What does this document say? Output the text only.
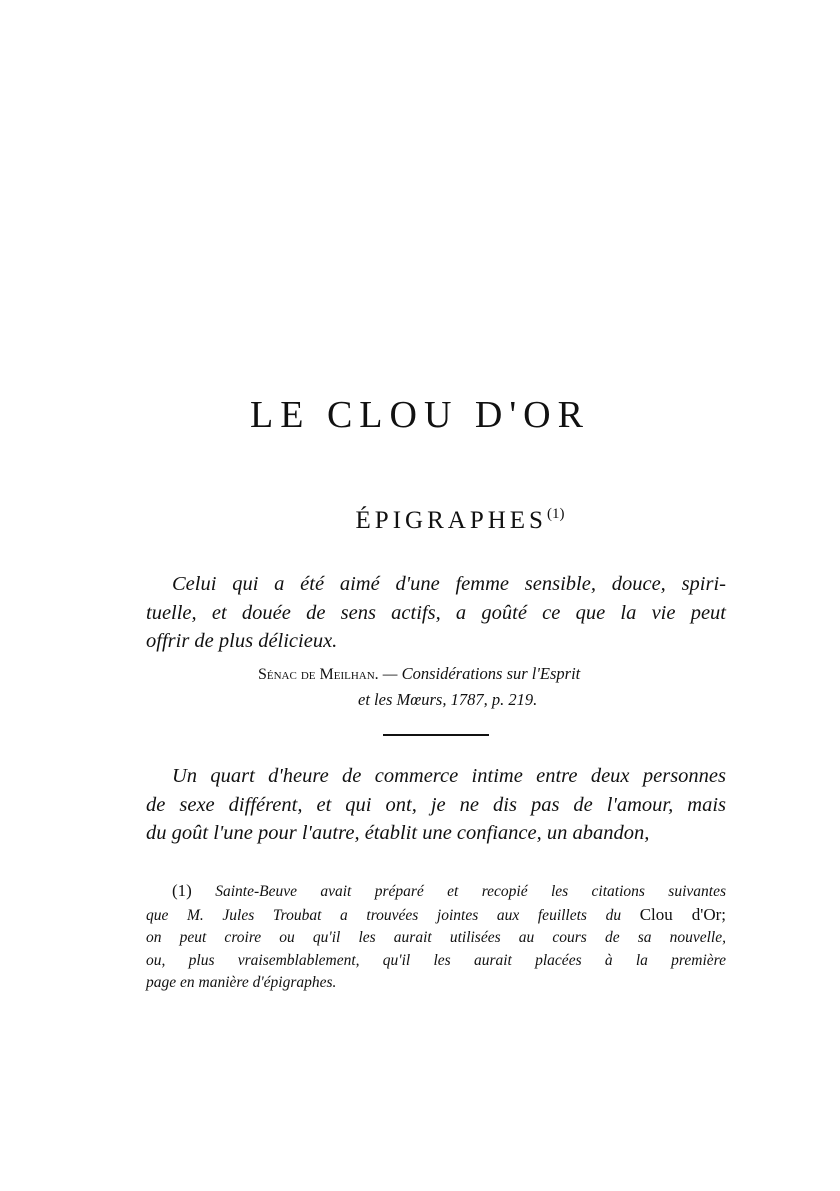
LE CLOU D'OR
ÉPIGRAPHES$^{(1)}$
Celui qui a été aimé d'une femme sensible, douce, spiri-
tuelle, et douée de sens actifs, a goûté ce que la vie peut
offrir de plus délicieux.
Sénac de Meilhan. — Considérations sur l'Esprit
et les Mœurs, 1787, p. 219.
Un quart d'heure de commerce intime entre deux personnes
de sexe différent, et qui ont, je ne dis pas de l'amour, mais
du goût l'une pour l'autre, établit une confiance, un abandon,
(1) Sainte-Beuve avait préparé et recopié les citations suivantes
que M. Jules Troubat a trouvées jointes aux feuillets du Clou d'Or;
on peut croire ou qu'il les aurait utilisées au cours de sa nouvelle,
ou, plus vraisemblablement, qu'il les aurait placées à la première
page en manière d'épigraphes.
